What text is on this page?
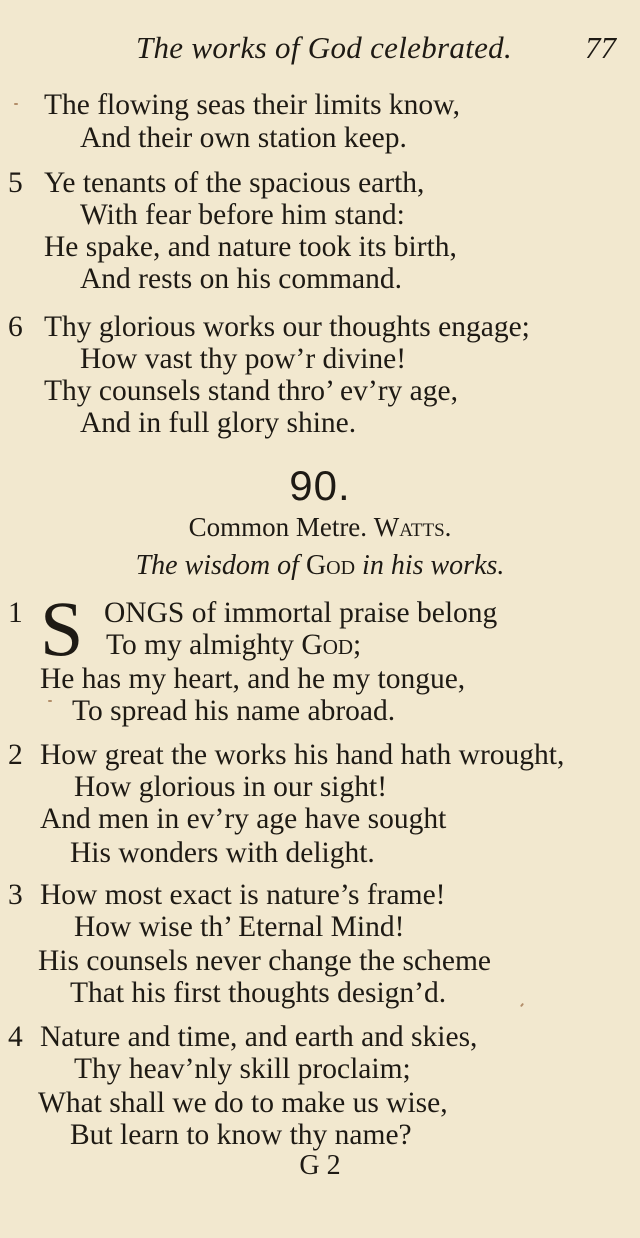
The works of God celebrated. 77
The flowing seas their limits know,
And their own station keep.
5 Ye tenants of the spacious earth,
With fear before him stand:
He spake, and nature took its birth,
And rests on his command.
6 Thy glorious works our thoughts engage;
How vast thy pow’r divine!
Thy counsels stand thro’ ev’ry age,
And in full glory shine.
90.
Common Metre. Watts.
The wisdom of God in his works.
1 S ONGS of immortal praise belong
To my almighty God;
He has my heart, and he my tongue,
To spread his name abroad.
2 How great the works his hand hath wrought,
How glorious in our sight!
And men in ev’ry age have sought
His wonders with delight.
3 How most exact is nature’s frame!
How wise th’ Eternal Mind!
His counsels never change the scheme
That his first thoughts design’d.
4 Nature and time, and earth and skies,
Thy heav’nly skill proclaim;
What shall we do to make us wise,
But learn to know thy name?
G 2
